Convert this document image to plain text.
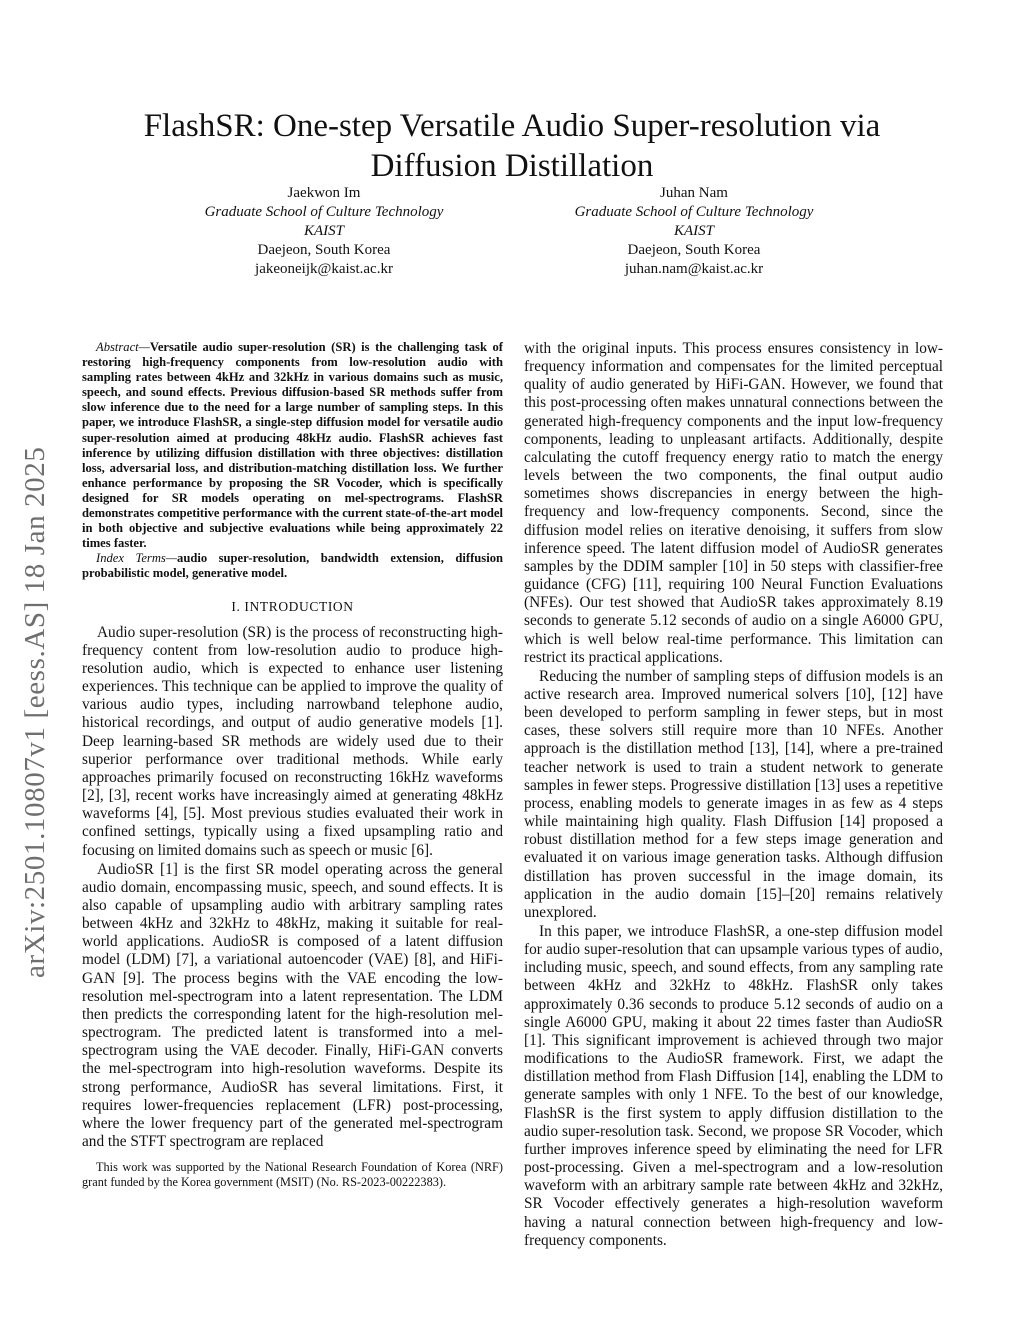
arXiv:2501.10807v1 [eess.AS] 18 Jan 2025
FlashSR: One-step Versatile Audio Super-resolution via
Diffusion Distillation
Jaekwon Im
Graduate School of Culture Technology
KAIST
Daejeon, South Korea
jakeoneijk@kaist.ac.kr
Juhan Nam
Graduate School of Culture Technology
KAIST
Daejeon, South Korea
juhan.nam@kaist.ac.kr

Abstract—Versatile audio super-resolution (SR) is the challenging task of restoring high-frequency components from low-resolution audio with sampling rates between 4kHz and 32kHz in various domains such as music, speech, and sound effects. Previous diffusion-based SR methods suffer from slow inference due to the need for a large number of sampling steps. In this paper, we introduce FlashSR, a single-step diffusion model for versatile audio super-resolution aimed at producing 48kHz audio. FlashSR achieves fast inference by utilizing diffusion distillation with three objectives: distillation loss, adversarial loss, and distribution-matching distillation loss. We further enhance performance by proposing the SR Vocoder, which is specifically designed for SR models operating on mel-spectrograms. FlashSR demonstrates competitive performance with the current state-of-the-art model in both objective and subjective evaluations while being approximately 22 times faster.

Index Terms—audio super-resolution, bandwidth extension, diffusion probabilistic model, generative model.

I. INTRODUCTION

Audio super-resolution (SR) is the process of reconstructing high-frequency content from low-resolution audio to produce high-resolution audio, which is expected to enhance user listening experiences. This technique can be applied to improve the quality of various audio types, including narrowband telephone audio, historical recordings, and output of audio generative models [1]. Deep learning-based SR methods are widely used due to their superior performance over traditional methods. While early approaches primarily focused on reconstructing 16kHz waveforms [2], [3], recent works have increasingly aimed at generating 48kHz waveforms [4], [5]. Most previous studies evaluated their work in confined settings, typically using a fixed upsampling ratio and focusing on limited domains such as speech or music [6].

AudioSR [1] is the first SR model operating across the general audio domain, encompassing music, speech, and sound effects. It is also capable of upsampling audio with arbitrary sampling rates between 4kHz and 32kHz to 48kHz, making it suitable for real-world applications. AudioSR is composed of a latent diffusion model (LDM) [7], a variational autoencoder (VAE) [8], and HiFi-GAN [9]. The process begins with the VAE encoding the low-resolution mel-spectrogram into a latent representation. The LDM then predicts the corresponding latent for the high-resolution mel-spectrogram. The predicted latent is transformed into a mel-spectrogram using the VAE decoder. Finally, HiFi-GAN converts the mel-spectrogram into high-resolution waveforms. Despite its strong performance, AudioSR has several limitations. First, it requires lower-frequencies replacement (LFR) post-processing, where the lower frequency part of the generated mel-spectrogram and the STFT spectrogram are replaced

This work was supported by the National Research Foundation of Korea (NRF) grant funded by the Korea government (MSIT) (No. RS-2023-00222383).

with the original inputs. This process ensures consistency in low-frequency information and compensates for the limited perceptual quality of audio generated by HiFi-GAN. However, we found that this post-processing often makes unnatural connections between the generated high-frequency components and the input low-frequency components, leading to unpleasant artifacts. Additionally, despite calculating the cutoff frequency energy ratio to match the energy levels between the two components, the final output audio sometimes shows discrepancies in energy between the high-frequency and low-frequency components. Second, since the diffusion model relies on iterative denoising, it suffers from slow inference speed. The latent diffusion model of AudioSR generates samples by the DDIM sampler [10] in 50 steps with classifier-free guidance (CFG) [11], requiring 100 Neural Function Evaluations (NFEs). Our test showed that AudioSR takes approximately 8.19 seconds to generate 5.12 seconds of audio on a single A6000 GPU, which is well below real-time performance. This limitation can restrict its practical applications.

Reducing the number of sampling steps of diffusion models is an active research area. Improved numerical solvers [10], [12] have been developed to perform sampling in fewer steps, but in most cases, these solvers still require more than 10 NFEs. Another approach is the distillation method [13], [14], where a pre-trained teacher network is used to train a student network to generate samples in fewer steps. Progressive distillation [13] uses a repetitive process, enabling models to generate images in as few as 4 steps while maintaining high quality. Flash Diffusion [14] proposed a robust distillation method for a few steps image generation and evaluated it on various image generation tasks. Although diffusion distillation has proven successful in the image domain, its application in the audio domain [15]–[20] remains relatively unexplored.

In this paper, we introduce FlashSR, a one-step diffusion model for audio super-resolution that can upsample various types of audio, including music, speech, and sound effects, from any sampling rate between 4kHz and 32kHz to 48kHz. FlashSR only takes approximately 0.36 seconds to produce 5.12 seconds of audio on a single A6000 GPU, making it about 22 times faster than AudioSR [1]. This significant improvement is achieved through two major modifications to the AudioSR framework. First, we adapt the distillation method from Flash Diffusion [14], enabling the LDM to generate samples with only 1 NFE. To the best of our knowledge, FlashSR is the first system to apply diffusion distillation to the audio super-resolution task. Second, we propose SR Vocoder, which further improves inference speed by eliminating the need for LFR post-processing. Given a mel-spectrogram and a low-resolution waveform with an arbitrary sample rate between 4kHz and 32kHz, SR Vocoder effectively generates a high-resolution waveform having a natural connection between high-frequency and low-frequency components.
